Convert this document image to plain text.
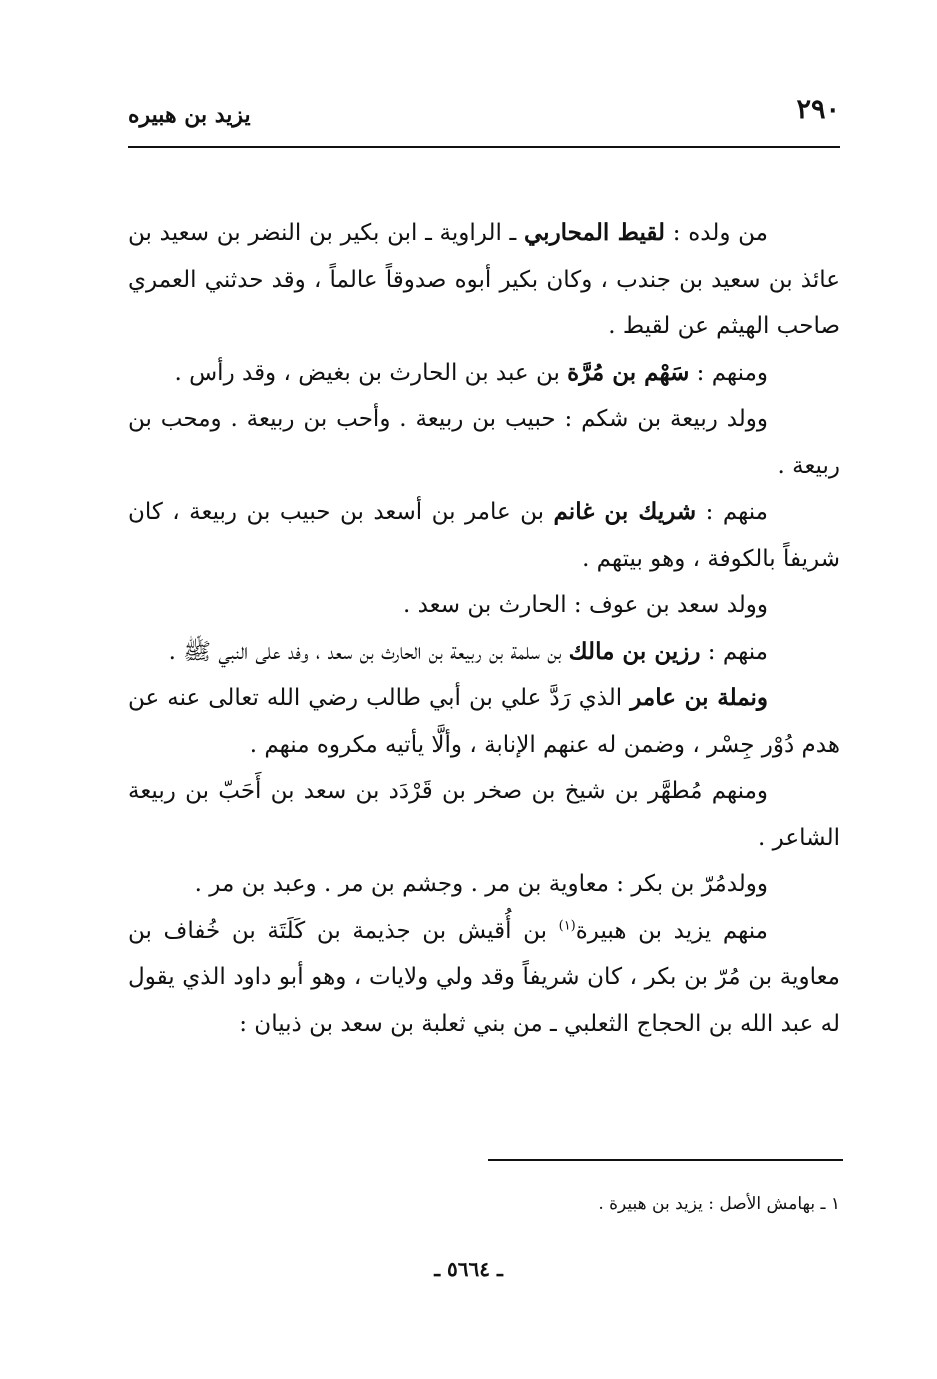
٢٩٠
يزيد بن هبيره

من ولده : لقيط المحاربي ـ الراوية ـ ابن بكير بن النضر بن سعيد بن عائذ بن سعيد بن جندب ، وكان بكير أبوه صدوقاً عالماً ، وقد حدثني العمري صاحب الهيثم عن لقيط .

ومنهم : سَهْم بن مُرَّة بن عبد بن الحارث بن بغيض ، وقد رأس .

وولد ربيعة بن شكم : حبيب بن ربيعة . وأحب بن ربيعة . ومحب بن ربيعة .

منهم : شريك بن غانم بن عامر بن أسعد بن حبيب بن ربيعة ، كان شريفاً بالكوفة ، وهو بيتهم .

وولد سعد بن عوف : الحارث بن سعد .

منهم : رزين بن مالك بن سلمة بن ربيعة بن الحارث بن سعد ، وفد على النبي ﷺ .

ونملة بن عامر الذي رَدَّ علي بن أبي طالب رضي الله تعالى عنه عن هدم دُوْر جِسْر ، وضمن له عنهم الإنابة ، وألَّا يأتيه مكروه منهم .

ومنهم مُطهَّر بن شيخ بن صخر بن قَرْدَد بن سعد بن أَحَبّ بن ربيعة الشاعر .

وولدمُرّ بن بكر : معاوية بن مر . وجشم بن مر . وعبد بن مر .

منهم يزيد بن هبيرة$^{(١)}$ بن أُقيش بن جذيمة بن كَلَتَة بن خُفاف بن معاوية بن مُرّ بن بكر ، كان شريفاً وقد ولي ولايات ، وهو أبو داود الذي يقول له عبد الله بن الحجاج الثعلبي ـ من بني ثعلبة بن سعد بن ذبيان :

١ ـ بهامش الأصل : يزيد بن هبيرة .
ـ ٥٦٦٤ ـ
